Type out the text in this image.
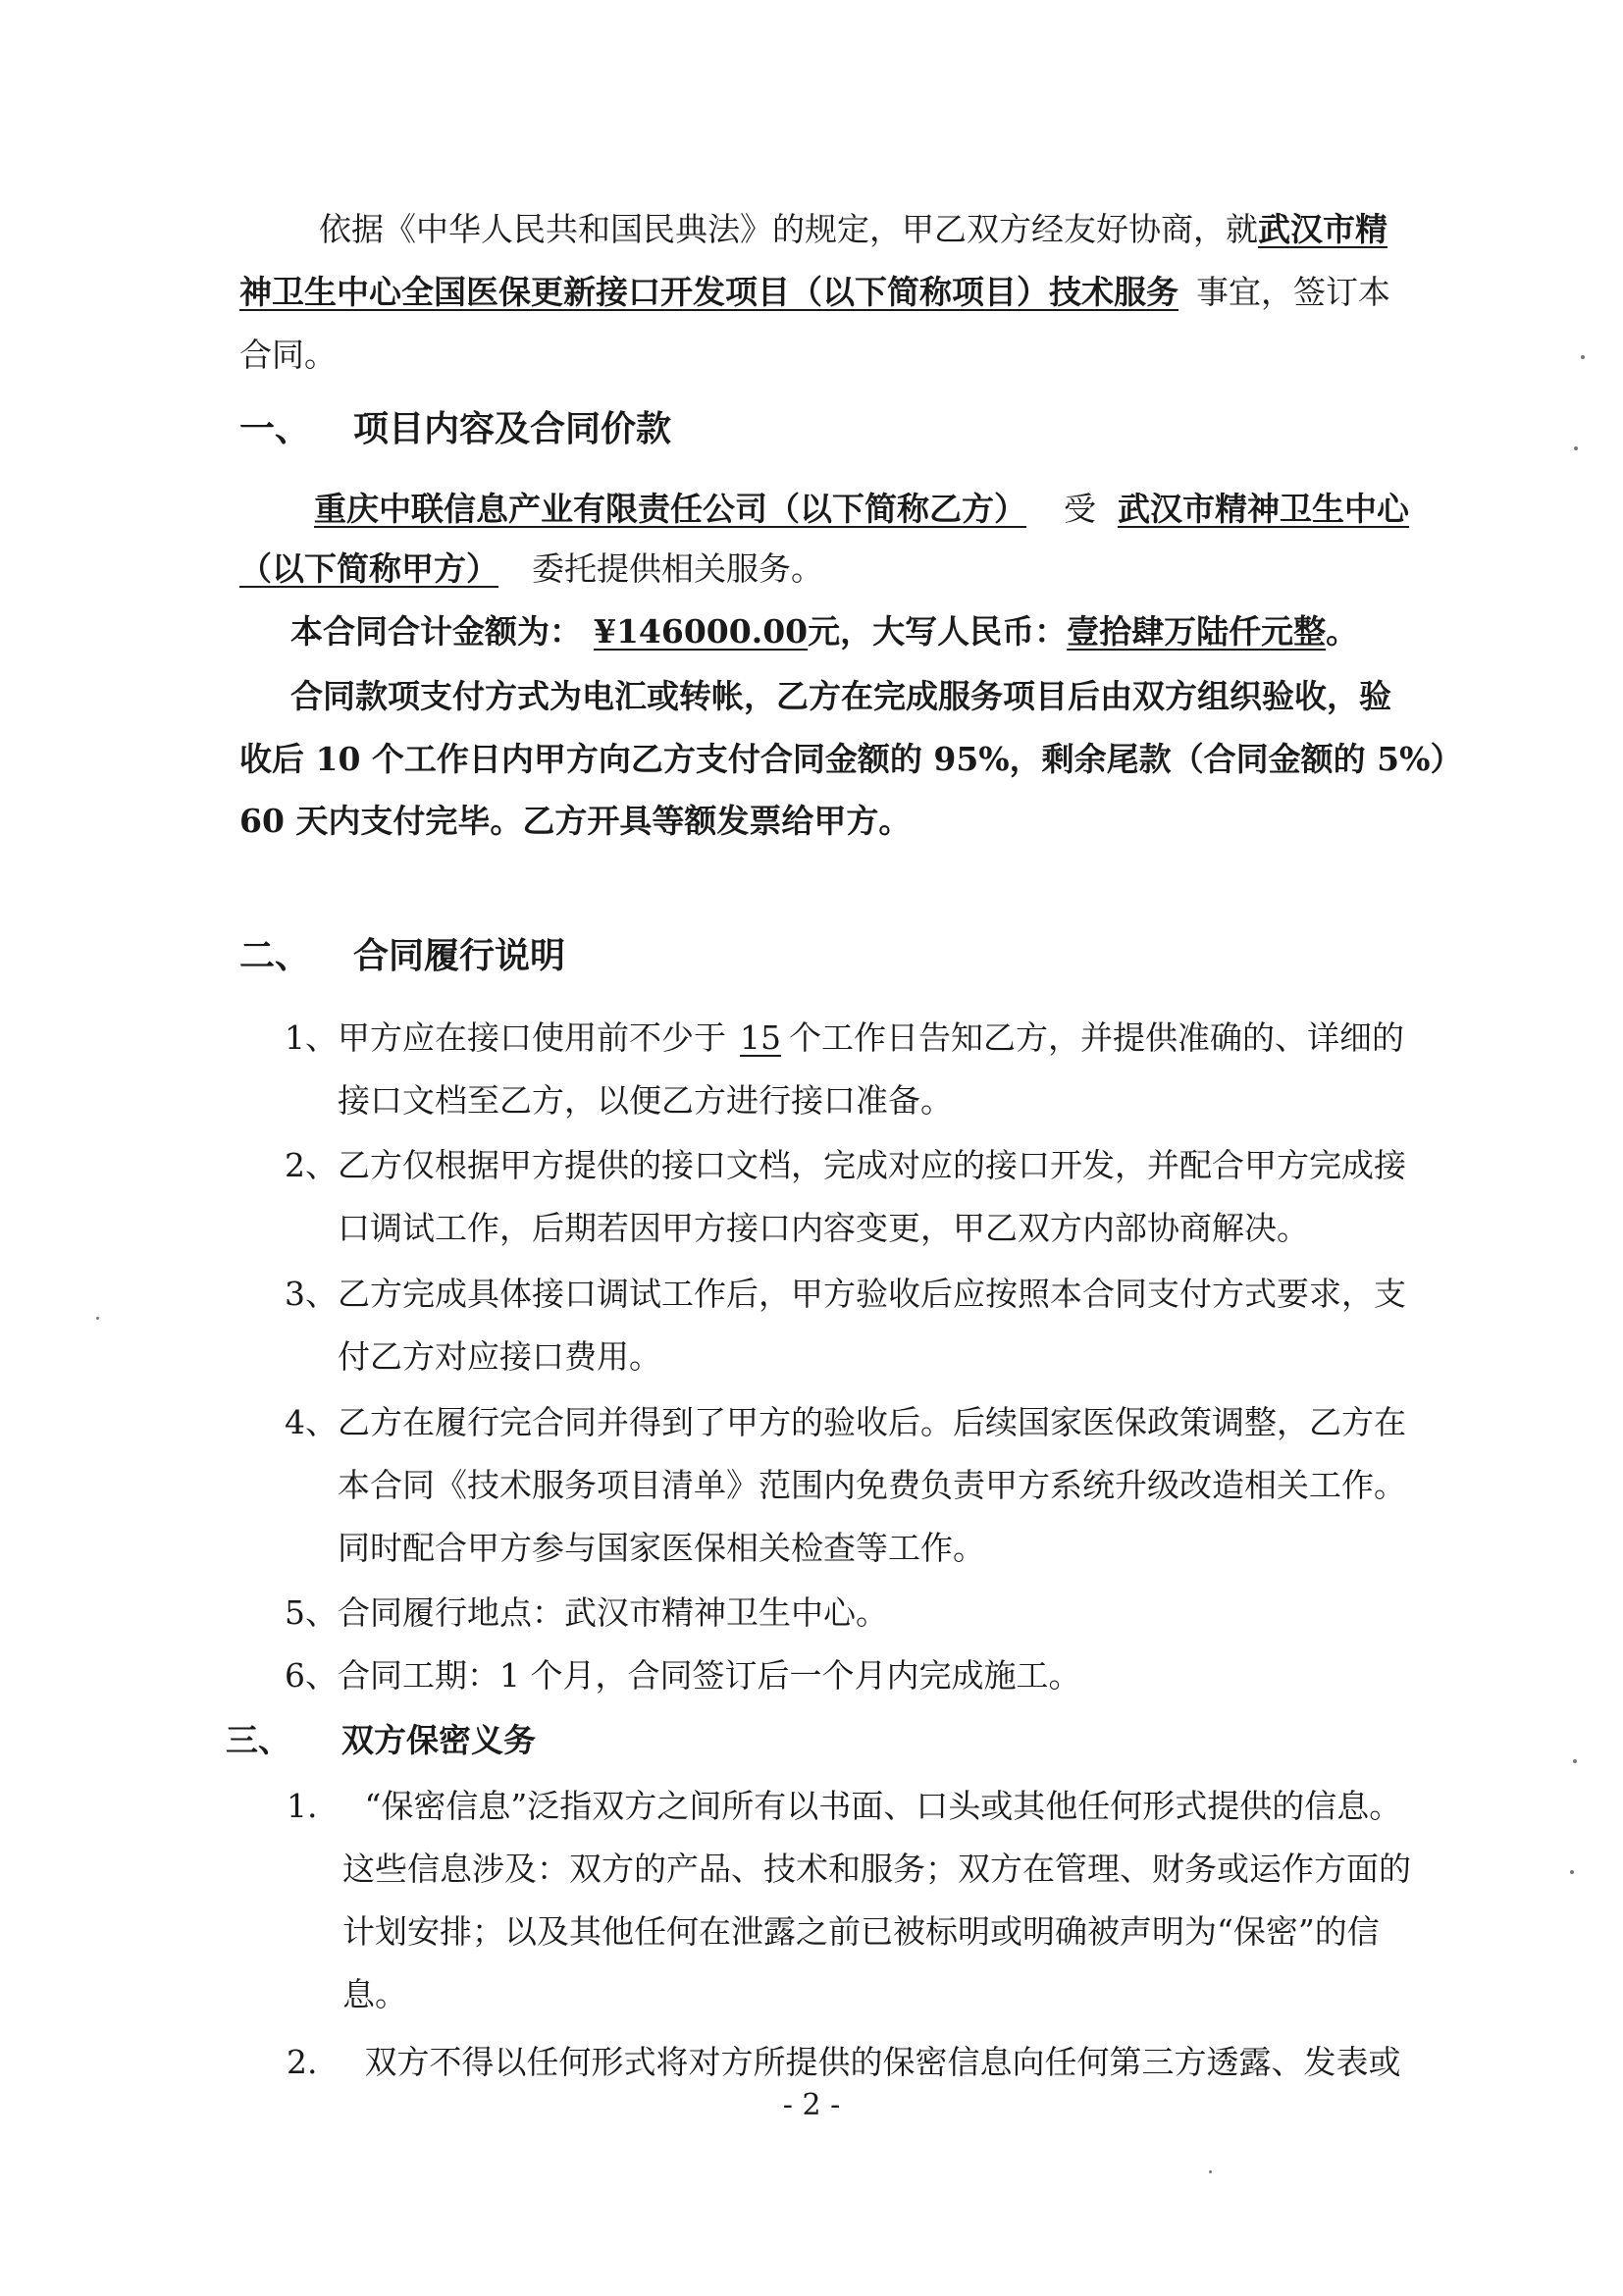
依据《中华人民共和国民典法》的规定，甲乙双方经友好协商，就武汉市精
神卫生中心全国医保更新接口开发项目（以下简称项目）技术服务 事宜，签订本
合同。
一、 项目内容及合同价款
重庆中联信息产业有限责任公司（以下简称乙方） 受 武汉市精神卫生中心
（以下简称甲方） 委托提供相关服务。
本合同合计金额为： ¥146000.00元，大写人民币：壹拾肆万陆仟元整。
合同款项支付方式为电汇或转帐，乙方在完成服务项目后由双方组织验收，验
收后 10 个工作日内甲方向乙方支付合同金额的 95%，剩余尾款（合同金额的 5%）
60 天内支付完毕。乙方开具等额发票给甲方。
二、 合同履行说明
1、甲方应在接口使用前不少于 15 个工作日告知乙方，并提供准确的、详细的
接口文档至乙方，以便乙方进行接口准备。
2、乙方仅根据甲方提供的接口文档，完成对应的接口开发，并配合甲方完成接
口调试工作，后期若因甲方接口内容变更，甲乙双方内部协商解决。
3、乙方完成具体接口调试工作后，甲方验收后应按照本合同支付方式要求，支
付乙方对应接口费用。
4、乙方在履行完合同并得到了甲方的验收后。后续国家医保政策调整，乙方在
本合同《技术服务项目清单》范围内免费负责甲方系统升级改造相关工作。
同时配合甲方参与国家医保相关检查等工作。
5、合同履行地点：武汉市精神卫生中心。
6、合同工期：1 个月，合同签订后一个月内完成施工。
三、 双方保密义务
1. “保密信息”泛指双方之间所有以书面、口头或其他任何形式提供的信息。
这些信息涉及：双方的产品、技术和服务；双方在管理、财务或运作方面的
计划安排；以及其他任何在泄露之前已被标明或明确被声明为“保密”的信
息。
2. 双方不得以任何形式将对方所提供的保密信息向任何第三方透露、发表或
- 2 -
